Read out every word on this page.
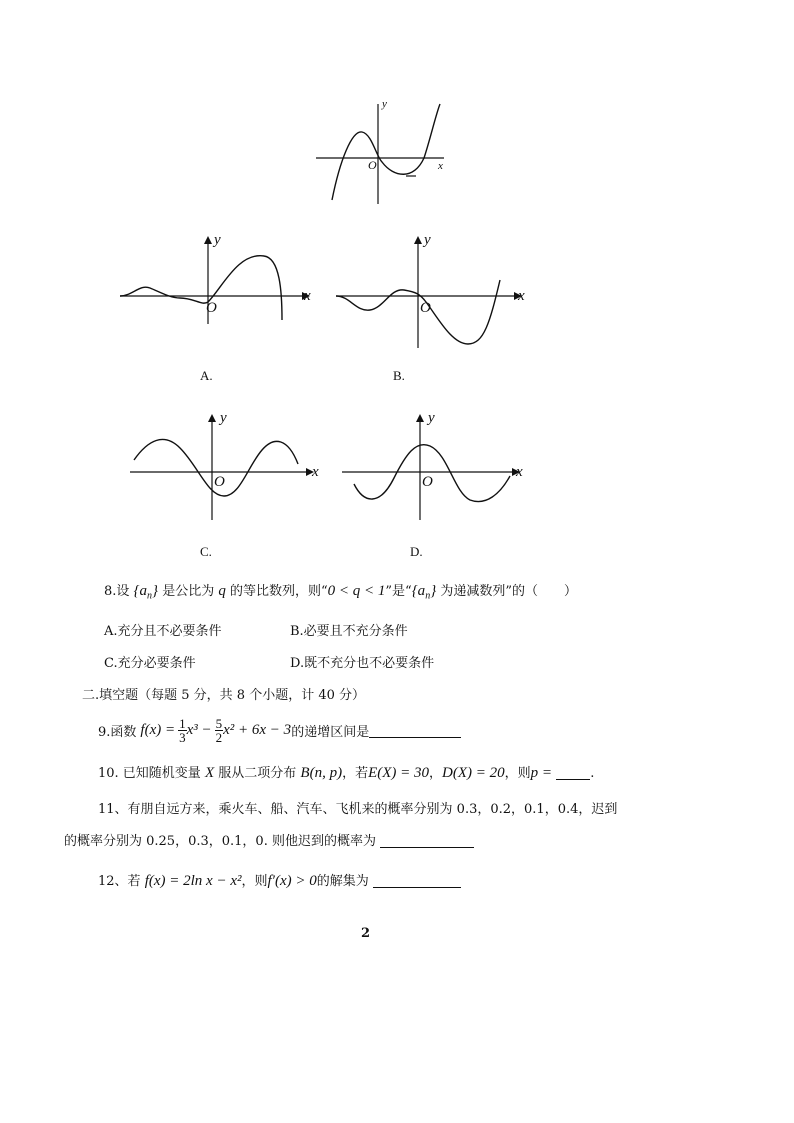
y
x
O
y
x
O
A.
y
x
O
B.
y
x
O
C.
y
x
O
D.
8.设 $\{a_n\}$ 是公比为 q 的等比数列，则“0 < q < 1”是“$\{a_n\}$ 为递减数列”的（　　）
A.充分且不必要条件	B.必要且不充分条件
C.充分必要条件	D.既不充分也不必要条件
二.填空题（每题 5 分，共 8 个小题，计 40 分）
9.函数 $f(x) = \frac{1}{3} x^3 - \frac{5}{2} x^2 + 6x - 3$ 的递增区间是
10. 已知随机变量 X 服从二项分布 B(n, p)，若E(X) = 30，D(X) = 20，则p =	.
11、有朋自远方来，乘火车、船、汽车、飞机来的概率分别为 0.3，0.2，0.1，0.4，迟到
的概率分别为 0.25，0.3，0.1，0. 则他迟到的概率为
12、若 f(x) = 2ln x − x²，则f′(x) > 0的解集为
2
